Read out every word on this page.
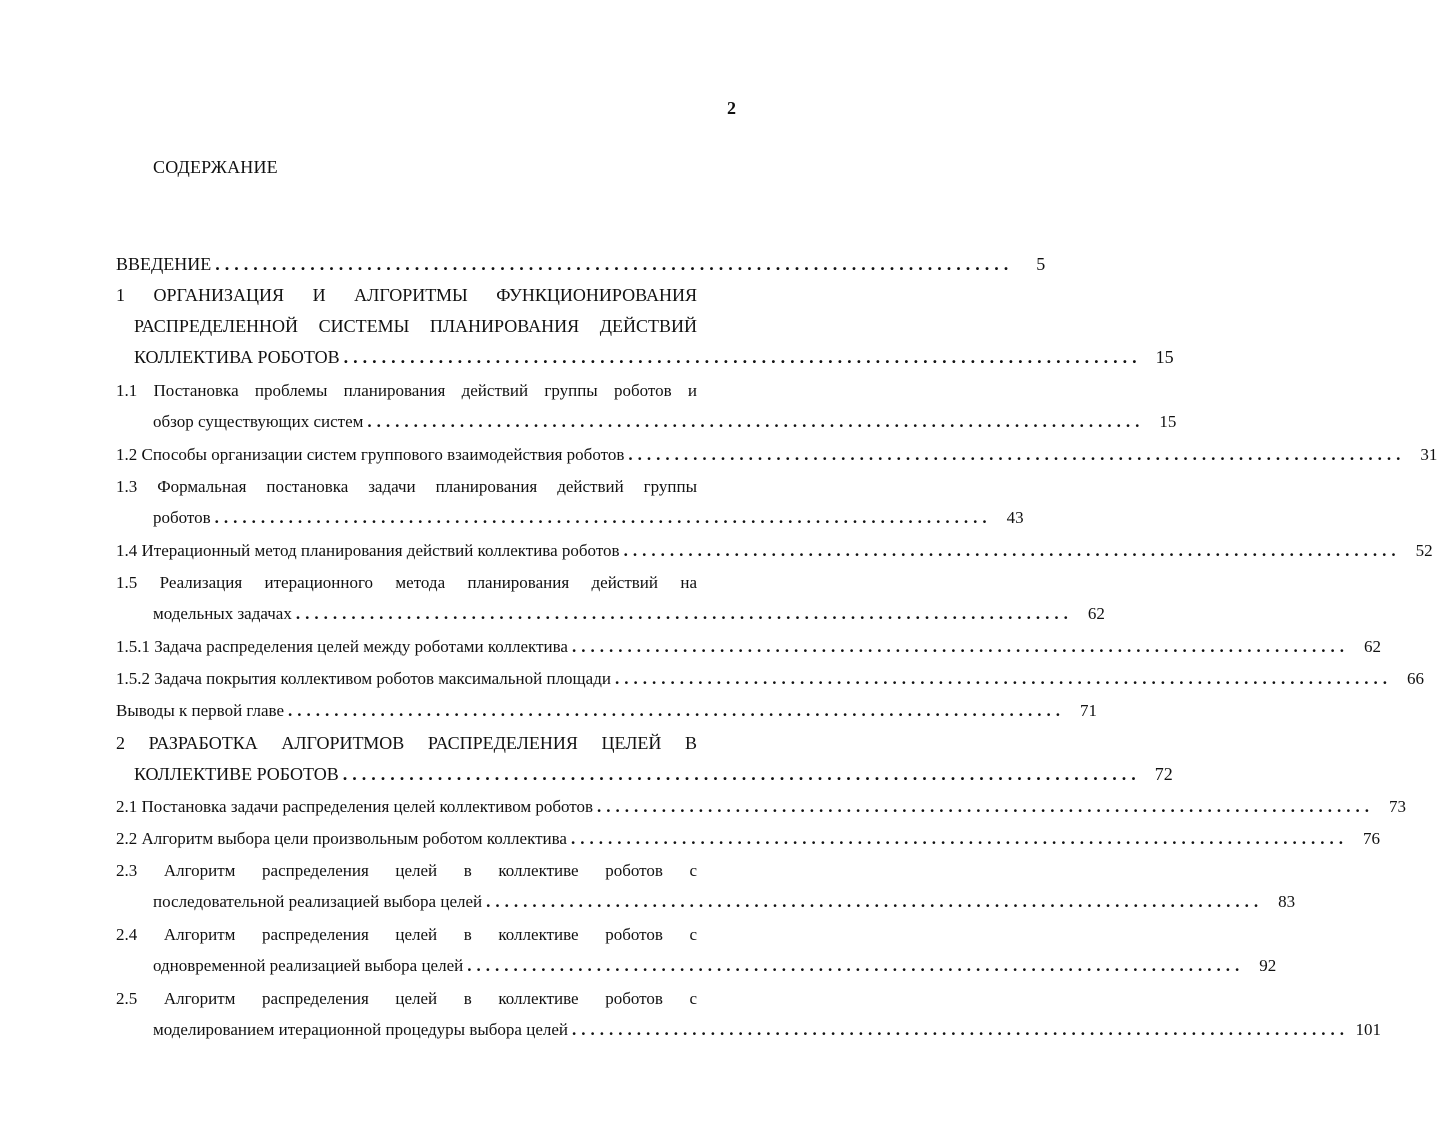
2
СОДЕРЖАНИЕ
ВВЕДЕНИЕ ....................................................................................	5
1 ОРГАНИЗАЦИЯ И АЛГОРИТМЫ ФУНКЦИОНИРОВАНИЯ
РАСПРЕДЕЛЕННОЙ СИСТЕМЫ ПЛАНИРОВАНИЯ ДЕЙСТВИЙ
КОЛЛЕКТИВА РОБОТОВ .................................................................................... 15
1.1 Постановка проблемы планирования действий группы роботов и
обзор существующих систем .................................................................................... 15
1.2 Способы организации систем группового взаимодействия роботов .................................................................................... 31
1.3 Формальная постановка задачи планирования действий группы
роботов .................................................................................... 43
1.4 Итерационный метод планирования действий коллектива роботов .................................................................................... 52
1.5 Реализация итерационного метода планирования действий на
модельных задачах .................................................................................... 62
1.5.1 Задача распределения целей между роботами коллектива .................................................................................... 62
1.5.2 Задача покрытия коллективом роботов максимальной площади .................................................................................... 66
Выводы к первой главе .................................................................................... 71
2 РАЗРАБОТКА АЛГОРИТМОВ РАСПРЕДЕЛЕНИЯ ЦЕЛЕЙ В
КОЛЛЕКТИВЕ РОБОТОВ .................................................................................... 72
2.1 Постановка задачи распределения целей коллективом роботов .................................................................................... 73
2.2 Алгоритм выбора цели произвольным роботом коллектива .................................................................................... 76
2.3 Алгоритм распределения целей в коллективе роботов с
последовательной реализацией выбора целей .................................................................................... 83
2.4 Алгоритм распределения целей в коллективе роботов с
одновременной реализацией выбора целей .................................................................................... 92
2.5 Алгоритм распределения целей в коллективе роботов с
моделированием итерационной процедуры выбора целей .................................................................................... 101
